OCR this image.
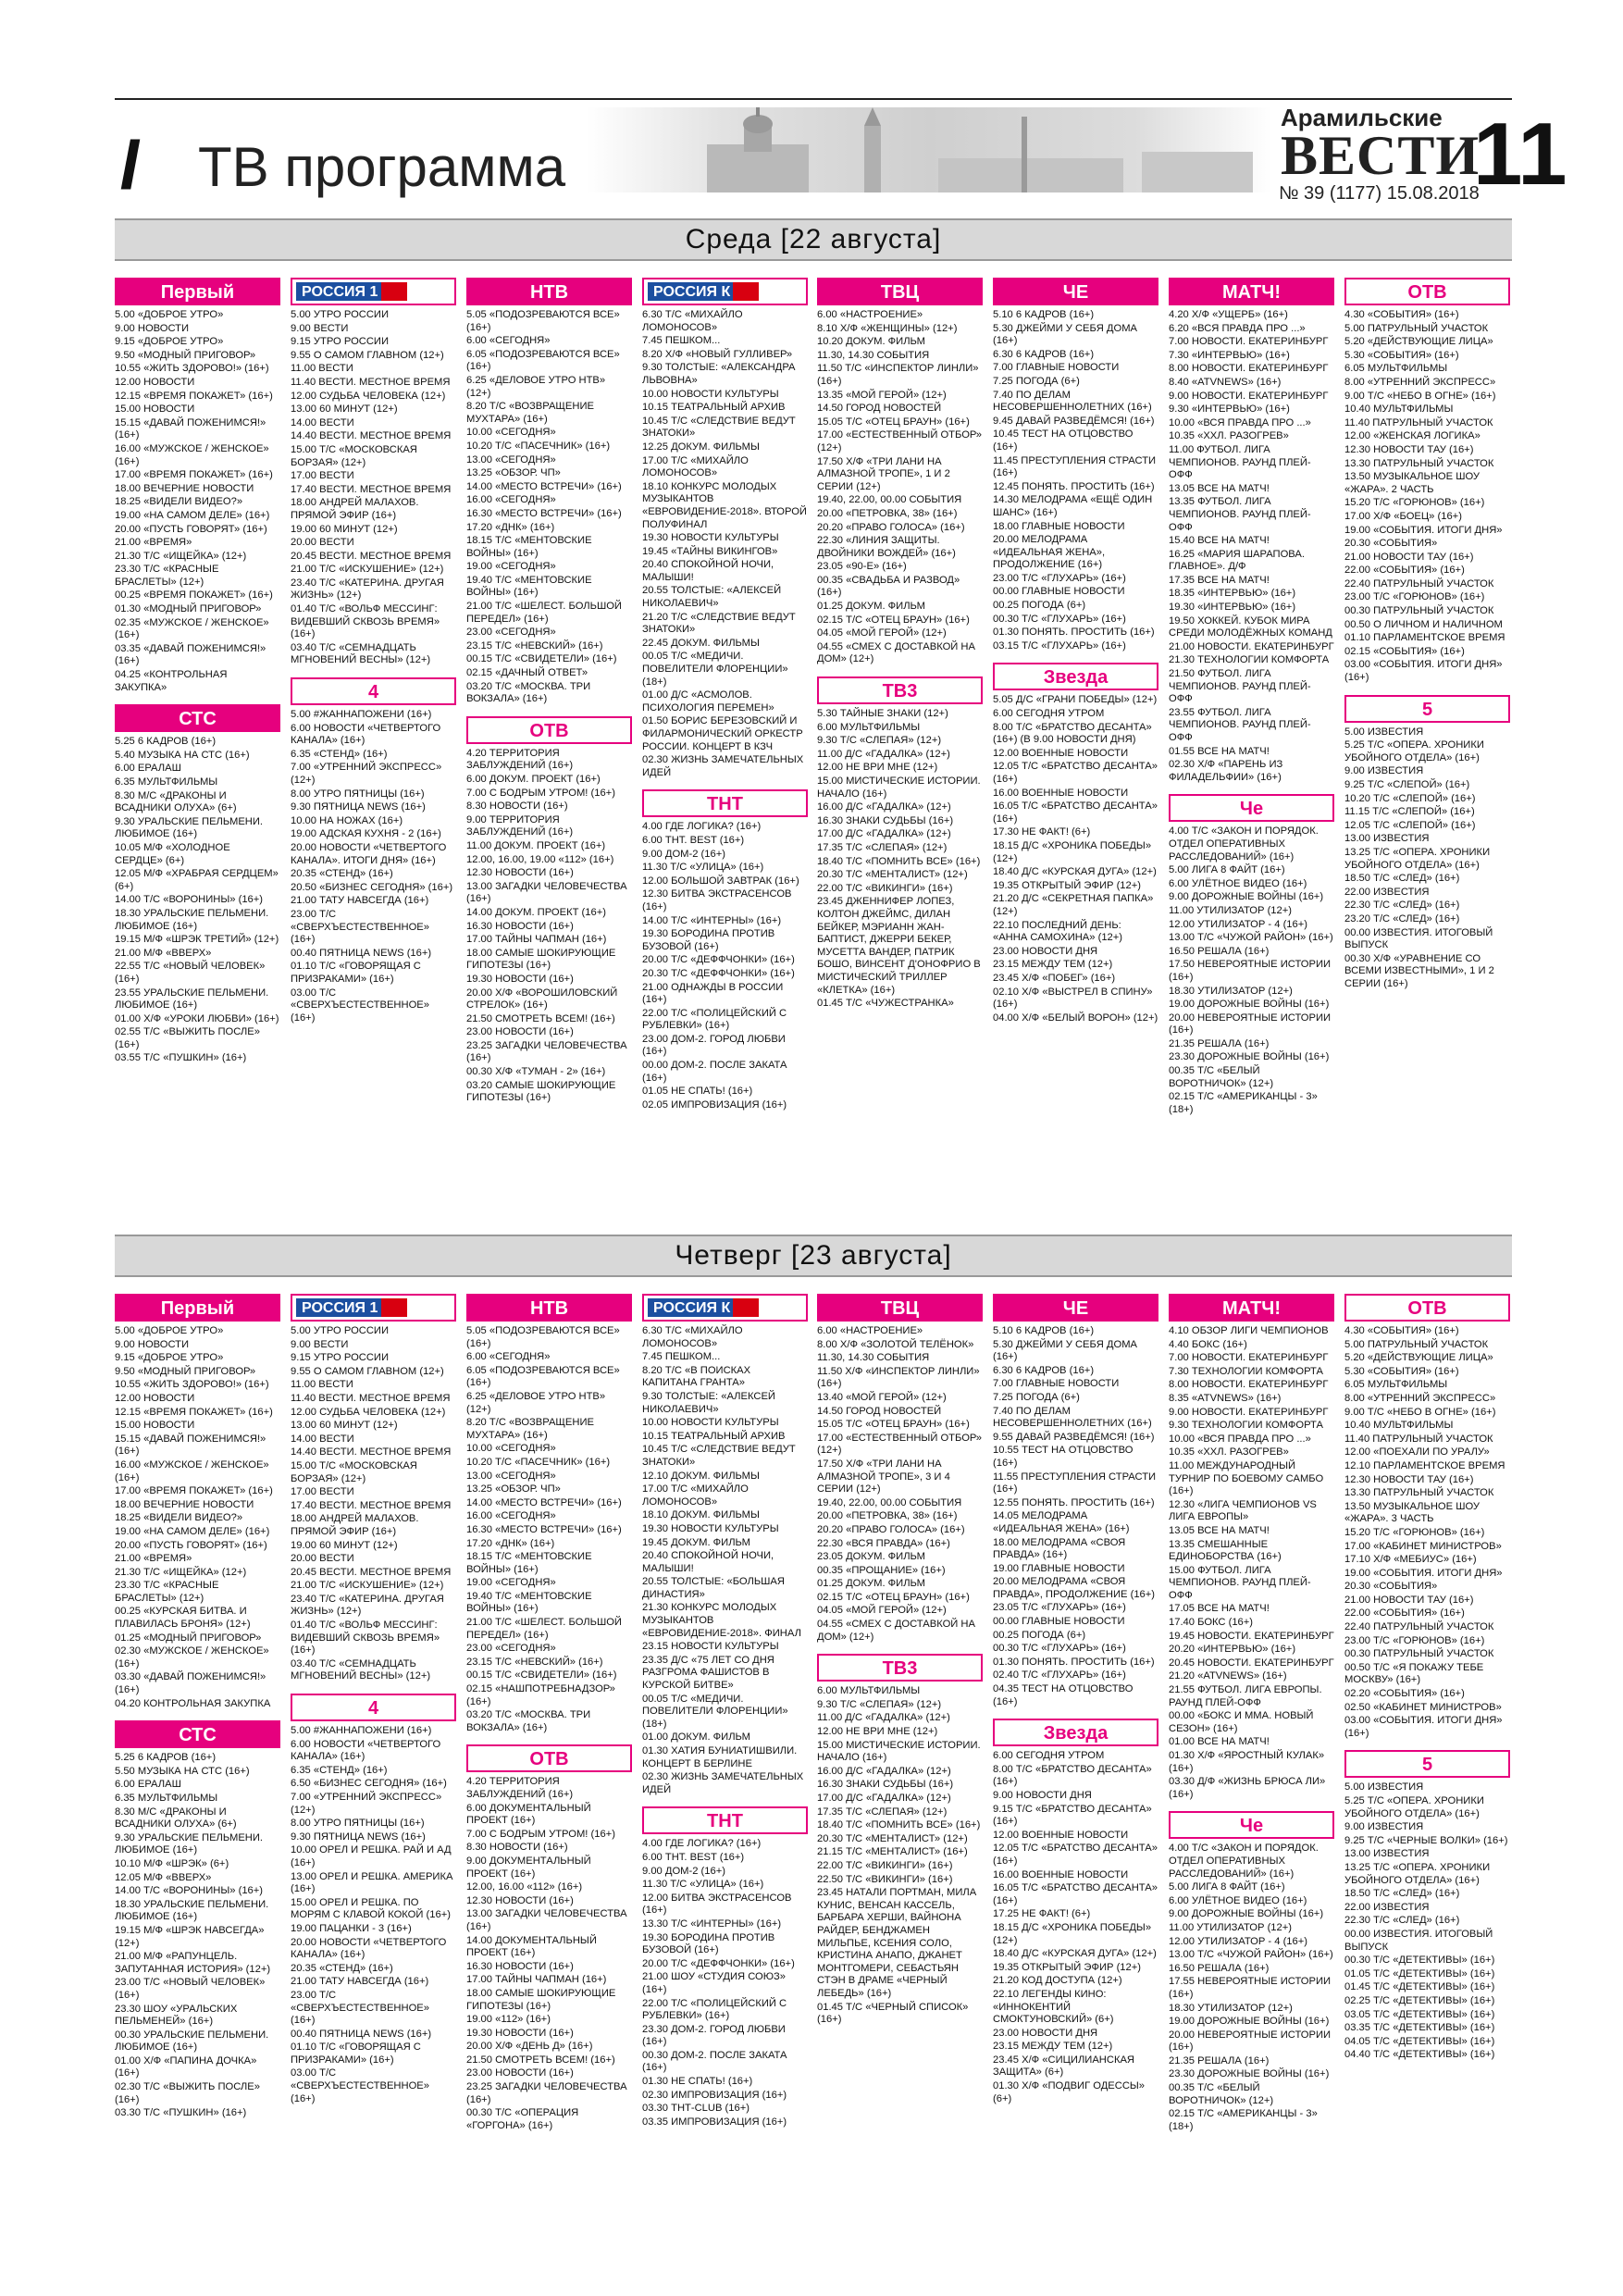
// ТВ программа
Арамильские
ВЕСТИ
11
№ 39 (1177) 15.08.2018
Среда [22 августа]
Первый
5.00 «ДОБРОЕ УТРО»
9.00 НОВОСТИ
9.15 «ДОБРОЕ УТРО»
9.50 «МОДНЫЙ ПРИГОВОР»
10.55 «ЖИТЬ ЗДОРОВО!» (16+)
12.00 НОВОСТИ
12.15 «ВРЕМЯ ПОКАЖЕТ» (16+)
15.00 НОВОСТИ
15.15 «ДАВАЙ ПОЖЕНИМСЯ!» (16+)
16.00 «МУЖСКОЕ / ЖЕНСКОЕ» (16+)
17.00 «ВРЕМЯ ПОКАЖЕТ» (16+)
18.00 ВЕЧЕРНИЕ НОВОСТИ
18.25 «ВИДЕЛИ ВИДЕО?»
19.00 «НА САМОМ ДЕЛЕ» (16+)
20.00 «ПУСТЬ ГОВОРЯТ» (16+)
21.00 «ВРЕМЯ»
21.30 Т/С «ИЩЕЙКА» (12+)
23.30 Т/С «КРАСНЫЕ БРАСЛЕТЫ» (12+)
00.25 «ВРЕМЯ ПОКАЖЕТ» (16+)
01.30 «МОДНЫЙ ПРИГОВОР»
02.35 «МУЖСКОЕ / ЖЕНСКОЕ» (16+)
03.35 «ДАВАЙ ПОЖЕНИМСЯ!» (16+)
04.25 «КОНТРОЛЬНАЯ ЗАКУПКА»
СТС
5.25 6 КАДРОВ (16+)
5.40 МУЗЫКА НА СТС (16+)
6.00 ЕРАЛАШ
6.35 МУЛЬТФИЛЬМЫ
8.30 М/С «ДРАКОНЫ И ВСАДНИКИ ОЛУХА» (6+)
9.30 УРАЛЬСКИЕ ПЕЛЬМЕНИ. ЛЮБИМОЕ (16+)
10.05 М/Ф «ХОЛОДНОЕ СЕРДЦЕ» (6+)
12.05 М/Ф «ХРАБРАЯ СЕРДЦЕМ» (6+)
14.00 Т/С «ВОРОНИНЫ» (16+)
18.30 УРАЛЬСКИЕ ПЕЛЬМЕНИ. ЛЮБИМОЕ (16+)
19.15 М/Ф «ШРЭК ТРЕТИЙ» (12+)
21.00 М/Ф «ВВЕРХ»
22.55 Т/С «НОВЫЙ ЧЕЛОВЕК» (16+)
23.55 УРАЛЬСКИЕ ПЕЛЬМЕНИ. ЛЮБИМОЕ (16+)
01.00 Х/Ф «УРОКИ ЛЮБВИ» (16+)
02.55 Т/С «ВЫЖИТЬ ПОСЛЕ» (16+)
03.55 Т/С «ПУШКИН» (16+)
РОССИЯ 1
5.00 УТРО РОССИИ
9.00 ВЕСТИ
9.15 УТРО РОССИИ
9.55 О САМОМ ГЛАВНОМ (12+)
11.00 ВЕСТИ
11.40 ВЕСТИ. МЕСТНОЕ ВРЕМЯ
12.00 СУДЬБА ЧЕЛОВЕКА (12+)
13.00 60 МИНУТ (12+)
14.00 ВЕСТИ
14.40 ВЕСТИ. МЕСТНОЕ ВРЕМЯ
15.00 Т/С «МОСКОВСКАЯ БОРЗАЯ» (12+)
17.00 ВЕСТИ
17.40 ВЕСТИ. МЕСТНОЕ ВРЕМЯ
18.00 АНДРЕЙ МАЛАХОВ. ПРЯМОЙ ЭФИР (16+)
19.00 60 МИНУТ (12+)
20.00 ВЕСТИ
20.45 ВЕСТИ. МЕСТНОЕ ВРЕМЯ
21.00 Т/С «ИСКУШЕНИЕ» (12+)
23.40 Т/С «КАТЕРИНА. ДРУГАЯ ЖИЗНЬ» (12+)
01.40 Т/С «ВОЛЬФ МЕССИНГ: ВИДЕВШИЙ СКВОЗЬ ВРЕМЯ» (16+)
03.40 Т/С «СЕМНАДЦАТЬ МГНОВЕНИЙ ВЕСНЫ» (12+)
4
5.00 #ЖАННАПОЖЕНИ (16+)
6.00 НОВОСТИ «ЧЕТВЕРТОГО КАНАЛА» (16+)
6.35 «СТЕНД» (16+)
7.00 «УТРЕННИЙ ЭКСПРЕСС» (12+)
8.00 УТРО ПЯТНИЦЫ (16+)
9.30 ПЯТНИЦА NEWS (16+)
10.00 НА НОЖАХ (16+)
19.00 АДСКАЯ КУХНЯ - 2 (16+)
20.00 НОВОСТИ «ЧЕТВЕРТОГО КАНАЛА». ИТОГИ ДНЯ» (16+)
20.35 «СТЕНД» (16+)
20.50 «БИЗНЕС СЕГОДНЯ» (16+)
21.00 ТАТУ НАВСЕГДА (16+)
23.00 Т/С «СВЕРХЪЕСТЕСТВЕННОЕ» (16+)
00.40 ПЯТНИЦА NEWS (16+)
01.10 Т/С «ГОВОРЯЩАЯ С ПРИЗРАКАМИ» (16+)
03.00 Т/С «СВЕРХЪЕСТЕСТВЕННОЕ» (16+)
НТВ
5.05 «ПОДОЗРЕВАЮТСЯ ВСЕ» (16+)
6.00 «СЕГОДНЯ»
6.05 «ПОДОЗРЕВАЮТСЯ ВСЕ» (16+)
6.25 «ДЕЛОВОЕ УТРО НТВ» (12+)
8.20 Т/С «ВОЗВРАЩЕНИЕ МУХТАРА» (16+)
10.00 «СЕГОДНЯ»
10.20 Т/С «ПАСЕЧНИК» (16+)
13.00 «СЕГОДНЯ»
13.25 «ОБЗОР. ЧП»
14.00 «МЕСТО ВСТРЕЧИ» (16+)
16.00 «СЕГОДНЯ»
16.30 «МЕСТО ВСТРЕЧИ» (16+)
17.20 «ДНК» (16+)
18.15 Т/С «МЕНТОВСКИЕ ВОЙНЫ» (16+)
19.00 «СЕГОДНЯ»
19.40 Т/С «МЕНТОВСКИЕ ВОЙНЫ» (16+)
21.00 Т/С «ШЕЛЕСТ. БОЛЬШОЙ ПЕРЕДЕЛ» (16+)
23.00 «СЕГОДНЯ»
23.15 Т/С «НЕВСКИЙ» (16+)
00.15 Т/С «СВИДЕТЕЛИ» (16+)
02.15 «ДАЧНЫЙ ОТВЕТ»
03.20 Т/С «МОСКВА. ТРИ ВОКЗАЛА» (16+)
ОТВ
4.20 ТЕРРИТОРИЯ ЗАБЛУЖДЕНИЙ (16+)
6.00 ДОКУМ. ПРОЕКТ (16+)
7.00 С БОДРЫМ УТРОМ! (16+)
8.30 НОВОСТИ (16+)
9.00 ТЕРРИТОРИЯ ЗАБЛУЖДЕНИЙ (16+)
11.00 ДОКУМ. ПРОЕКТ (16+)
12.00, 16.00, 19.00 «112» (16+)
12.30 НОВОСТИ (16+)
13.00 ЗАГАДКИ ЧЕЛОВЕЧЕСТВА (16+)
14.00 ДОКУМ. ПРОЕКТ (16+)
16.30 НОВОСТИ (16+)
17.00 ТАЙНЫ ЧАПМАН (16+)
18.00 САМЫЕ ШОКИРУЮЩИЕ ГИПОТЕЗЫ (16+)
19.30 НОВОСТИ (16+)
20.00 Х/Ф «ВОРОШИЛОВСКИЙ СТРЕЛОК» (16+)
21.50 СМОТРЕТЬ ВСЕМ! (16+)
23.00 НОВОСТИ (16+)
23.25 ЗАГАДКИ ЧЕЛОВЕЧЕСТВА (16+)
00.30 Х/Ф «ТУМАН - 2» (16+)
03.20 САМЫЕ ШОКИРУЮЩИЕ ГИПОТЕЗЫ (16+)
РОССИЯ К
6.30 Т/С «МИХАЙЛО ЛОМОНОСОВ»
7.45 ПЕШКОМ...
8.20 Х/Ф «НОВЫЙ ГУЛЛИВЕР»
9.30 ТОЛСТЫЕ: «АЛЕКСАНДРА ЛЬВОВНА»
10.00 НОВОСТИ КУЛЬТУРЫ
10.15 ТЕАТРАЛЬНЫЙ АРХИВ
10.45 Т/С «СЛЕДСТВИЕ ВЕДУТ ЗНАТОКИ»
12.25 ДОКУМ. ФИЛЬМЫ
17.00 Т/С «МИХАЙЛО ЛОМОНОСОВ»
18.10 КОНКУРС МОЛОДЫХ МУЗЫКАНТОВ «ЕВРОВИДЕНИЕ-2018». ВТОРОЙ ПОЛУФИНАЛ
19.30 НОВОСТИ КУЛЬТУРЫ
19.45 «ТАЙНЫ ВИКИНГОВ»
20.40 СПОКОЙНОЙ НОЧИ, МАЛЫШИ!
20.55 ТОЛСТЫЕ: «АЛЕКСЕЙ НИКОЛАЕВИЧ»
21.20 Т/С «СЛЕДСТВИЕ ВЕДУТ ЗНАТОКИ»
22.45 ДОКУМ. ФИЛЬМЫ
00.05 Т/С «МЕДИЧИ. ПОВЕЛИТЕЛИ ФЛОРЕНЦИИ» (18+)
01.00 Д/С «АСМОЛОВ. ПСИХОЛОГИЯ ПЕРЕМЕН»
01.50 БОРИС БЕРЕЗОВСКИЙ И ФИЛАРМОНИЧЕСКИЙ ОРКЕСТР РОССИИ. КОНЦЕРТ В КЗЧ
02.30 ЖИЗНЬ ЗАМЕЧАТЕЛЬНЫХ ИДЕЙ
ТНТ
4.00 ГДЕ ЛОГИКА? (16+)
6.00 ТНТ. BEST (16+)
9.00 ДОМ-2 (16+)
11.30 Т/С «УЛИЦА» (16+)
12.00 БОЛЬШОЙ ЗАВТРАК (16+)
12.30 БИТВА ЭКСТРАСЕНСОВ (16+)
14.00 Т/С «ИНТЕРНЫ» (16+)
19.30 БОРОДИНА ПРОТИВ БУЗОВОЙ (16+)
20.00 Т/С «ДЕФФЧОНКИ» (16+)
20.30 Т/С «ДЕФФЧОНКИ» (16+)
21.00 ОДНАЖДЫ В РОССИИ (16+)
22.00 Т/С «ПОЛИЦЕЙСКИЙ С РУБЛЕВКИ» (16+)
23.00 ДОМ-2. ГОРОД ЛЮБВИ (16+)
00.00 ДОМ-2. ПОСЛЕ ЗАКАТА (16+)
01.05 НЕ СПАТЬ! (16+)
02.05 ИМПРОВИЗАЦИЯ (16+)
ТВЦ
6.00 «НАСТРОЕНИЕ»
8.10 Х/Ф «ЖЕНЩИНЫ» (12+)
10.20 ДОКУМ. ФИЛЬМ
11.30, 14.30 СОБЫТИЯ
11.50 Т/С «ИНСПЕКТОР ЛИНЛИ» (16+)
13.35 «МОЙ ГЕРОЙ» (12+)
14.50 ГОРОД НОВОСТЕЙ
15.05 Т/С «ОТЕЦ БРАУН» (16+)
17.00 «ЕСТЕСТВЕННЫЙ ОТБОР» (12+)
17.50 Х/Ф «ТРИ ЛАНИ НА АЛМАЗНОЙ ТРОПЕ», 1 И 2 СЕРИИ (12+)
19.40, 22.00, 00.00 СОБЫТИЯ
20.00 «ПЕТРОВКА, 38» (16+)
20.20 «ПРАВО ГОЛОСА» (16+)
22.30 «ЛИНИЯ ЗАЩИТЫ. ДВОЙНИКИ ВОЖДЕЙ» (16+)
23.05 «90-Е» (16+)
00.35 «СВАДЬБА И РАЗВОД» (16+)
01.25 ДОКУМ. ФИЛЬМ
02.15 Т/С «ОТЕЦ БРАУН» (16+)
04.05 «МОЙ ГЕРОЙ» (12+)
04.55 «СМЕХ С ДОСТАВКОЙ НА ДОМ» (12+)
ТВ3
5.30 ТАЙНЫЕ ЗНАКИ (12+)
6.00 МУЛЬТФИЛЬМЫ
9.30 Т/С «СЛЕПАЯ» (12+)
11.00 Д/С «ГАДАЛКА» (12+)
12.00 НЕ ВРИ МНЕ (12+)
15.00 МИСТИЧЕСКИЕ ИСТОРИИ. НАЧАЛО (16+)
16.00 Д/С «ГАДАЛКА» (12+)
16.30 ЗНАКИ СУДЬБЫ (16+)
17.00 Д/С «ГАДАЛКА» (12+)
17.35 Т/С «СЛЕПАЯ» (12+)
18.40 Т/С «ПОМНИТЬ ВСЕ» (16+)
20.30 Т/С «МЕНТАЛИСТ» (12+)
22.00 Т/С «ВИКИНГИ» (16+)
23.45 ДЖЕННИФЕР ЛОПЕЗ, КОЛТОН ДЖЕЙМС, ДИЛАН БЕЙКЕР, МЭРИАНН ЖАН-БАПТИСТ, ДЖЕРРИ БЕКЕР, МУСЕТТА ВАНДЕР, ПАТРИК БОШО, ВИНСЕНТ Д'ОНОФРИО В МИСТИЧЕСКИЙ ТРИЛЛЕР «КЛЕТКА» (16+)
01.45 Т/С «ЧУЖЕСТРАНКА»
ЧЕ
5.10 6 КАДРОВ (16+)
5.30 ДЖЕЙМИ У СЕБЯ ДОМА (16+)
6.30 6 КАДРОВ (16+)
7.00 ГЛАВНЫЕ НОВОСТИ
7.25 ПОГОДА (6+)
7.40 ПО ДЕЛАМ НЕСОВЕРШЕННОЛЕТНИХ (16+)
9.45 ДАВАЙ РАЗВЕДЁМСЯ! (16+)
10.45 ТЕСТ НА ОТЦОВСТВО (16+)
11.45 ПРЕСТУПЛЕНИЯ СТРАСТИ (16+)
12.45 ПОНЯТЬ. ПРОСТИТЬ (16+)
14.30 МЕЛОДРАМА «ЕЩЁ ОДИН ШАНС» (16+)
18.00 ГЛАВНЫЕ НОВОСТИ
20.00 МЕЛОДРАМА «ИДЕАЛЬНАЯ ЖЕНА», ПРОДОЛЖЕНИЕ (16+)
23.00 Т/С «ГЛУХАРЬ» (16+)
00.00 ГЛАВНЫЕ НОВОСТИ
00.25 ПОГОДА (6+)
00.30 Т/С «ГЛУХАРЬ» (16+)
01.30 ПОНЯТЬ. ПРОСТИТЬ (16+)
03.15 Т/С «ГЛУХАРЬ» (16+)
Звезда
5.05 Д/С «ГРАНИ ПОБЕДЫ» (12+)
6.00 СЕГОДНЯ УТРОМ
8.00 Т/С «БРАТСТВО ДЕСАНТА» (16+) (В 9.00 НОВОСТИ ДНЯ)
12.00 ВОЕННЫЕ НОВОСТИ
12.05 Т/С «БРАТСТВО ДЕСАНТА» (16+)
16.00 ВОЕННЫЕ НОВОСТИ
16.05 Т/С «БРАТСТВО ДЕСАНТА» (16+)
17.30 НЕ ФАКТ! (6+)
18.15 Д/С «ХРОНИКА ПОБЕДЫ» (12+)
18.40 Д/С «КУРСКАЯ ДУГА» (12+)
19.35 ОТКРЫТЫЙ ЭФИР (12+)
21.20 Д/С «СЕКРЕТНАЯ ПАПКА» (12+)
22.10 ПОСЛЕДНИЙ ДЕНЬ: «АННА САМОХИНА» (12+)
23.00 НОВОСТИ ДНЯ
23.15 МЕЖДУ ТЕМ (12+)
23.45 Х/Ф «ПОБЕГ» (16+)
02.10 Х/Ф «ВЫСТРЕЛ В СПИНУ» (16+)
04.00 Х/Ф «БЕЛЫЙ ВОРОН» (12+)
МАТЧ!
4.20 Х/Ф «УЩЕРБ» (16+)
6.20 «ВСЯ ПРАВДА ПРО ...»
7.00 НОВОСТИ. ЕКАТЕРИНБУРГ
7.30 «ИНТЕРВЬЮ» (16+)
8.00 НОВОСТИ. ЕКАТЕРИНБУРГ
8.40 «ATVNEWS» (16+)
9.00 НОВОСТИ. ЕКАТЕРИНБУРГ
9.30 «ИНТЕРВЬЮ» (16+)
10.00 «ВСЯ ПРАВДА ПРО ...»
10.35 «ХХЛ. РАЗОГРЕВ»
11.00 ФУТБОЛ. ЛИГА ЧЕМПИОНОВ. РАУНД ПЛЕЙ-ОФФ
13.05 ВСЕ НА МАТЧ!
13.35 ФУТБОЛ. ЛИГА ЧЕМПИОНОВ. РАУНД ПЛЕЙ-ОФФ
15.40 ВСЕ НА МАТЧ!
16.25 «МАРИЯ ШАРАПОВА. ГЛАВНОЕ». Д/Ф
17.35 ВСЕ НА МАТЧ!
18.35 «ИНТЕРВЬЮ» (16+)
19.30 «ИНТЕРВЬЮ» (16+)
19.50 ХОККЕЙ. КУБОК МИРА СРЕДИ МОЛОДЁЖНЫХ КОМАНД
21.00 НОВОСТИ. ЕКАТЕРИНБУРГ
21.30 ТЕХНОЛОГИИ КОМФОРТА
21.50 ФУТБОЛ. ЛИГА ЧЕМПИОНОВ. РАУНД ПЛЕЙ-ОФФ
23.55 ФУТБОЛ. ЛИГА ЧЕМПИОНОВ. РАУНД ПЛЕЙ-ОФФ
01.55 ВСЕ НА МАТЧ!
02.30 Х/Ф «ПАРЕНЬ ИЗ ФИЛАДЕЛЬФИИ» (16+)
Че
4.00 Т/С «ЗАКОН И ПОРЯДОК. ОТДЕЛ ОПЕРАТИВНЫХ РАССЛЕДОВАНИЙ» (16+)
5.00 ЛИГА 8 ФАЙТ (16+)
6.00 УЛЁТНОЕ ВИДЕО (16+)
9.00 ДОРОЖНЫЕ ВОЙНЫ (16+)
11.00 УТИЛИЗАТОР (12+)
12.00 УТИЛИЗАТОР - 4 (16+)
13.00 Т/С «ЧУЖОЙ РАЙОН» (16+)
16.50 РЕШАЛА (16+)
17.50 НЕВЕРОЯТНЫЕ ИСТОРИИ (16+)
18.30 УТИЛИЗАТОР (12+)
19.00 ДОРОЖНЫЕ ВОЙНЫ (16+)
20.00 НЕВЕРОЯТНЫЕ ИСТОРИИ (16+)
21.35 РЕШАЛА (16+)
23.30 ДОРОЖНЫЕ ВОЙНЫ (16+)
00.35 Т/С «БЕЛЫЙ ВОРОТНИЧОК» (12+)
02.15 Т/С «АМЕРИКАНЦЫ - 3» (18+)
ОТВ
4.30 «СОБЫТИЯ» (16+)
5.00 ПАТРУЛЬНЫЙ УЧАСТОК
5.20 «ДЕЙСТВУЮЩИЕ ЛИЦА»
5.30 «СОБЫТИЯ» (16+)
6.05 МУЛЬТФИЛЬМЫ
8.00 «УТРЕННИЙ ЭКСПРЕСС»
9.00 Т/С «НЕБО В ОГНЕ» (16+)
10.40 МУЛЬТФИЛЬМЫ
11.40 ПАТРУЛЬНЫЙ УЧАСТОК
12.00 «ЖЕНСКАЯ ЛОГИКА»
12.30 НОВОСТИ ТАУ (16+)
13.30 ПАТРУЛЬНЫЙ УЧАСТОК
13.50 МУЗЫКАЛЬНОЕ ШОУ «ЖАРА». 2 ЧАСТЬ
15.20 Т/С «ГОРЮНОВ» (16+)
17.00 Х/Ф «БОЕЦ» (16+)
19.00 «СОБЫТИЯ. ИТОГИ ДНЯ»
20.30 «СОБЫТИЯ»
21.00 НОВОСТИ ТАУ (16+)
22.00 «СОБЫТИЯ» (16+)
22.40 ПАТРУЛЬНЫЙ УЧАСТОК
23.00 Т/С «ГОРЮНОВ» (16+)
00.30 ПАТРУЛЬНЫЙ УЧАСТОК
00.50 О ЛИЧНОМ И НАЛИЧНОМ
01.10 ПАРЛАМЕНТСКОЕ ВРЕМЯ
02.15 «СОБЫТИЯ» (16+)
03.00 «СОБЫТИЯ. ИТОГИ ДНЯ» (16+)
5
5.00 ИЗВЕСТИЯ
5.25 Т/С «ОПЕРА. ХРОНИКИ УБОЙНОГО ОТДЕЛА» (16+)
9.00 ИЗВЕСТИЯ
9.25 Т/С «СЛЕПОЙ» (16+)
10.20 Т/С «СЛЕПОЙ» (16+)
11.15 Т/С «СЛЕПОЙ» (16+)
12.05 Т/С «СЛЕПОЙ» (16+)
13.00 ИЗВЕСТИЯ
13.25 Т/С «ОПЕРА. ХРОНИКИ УБОЙНОГО ОТДЕЛА» (16+)
18.50 Т/С «СЛЕД» (16+)
22.00 ИЗВЕСТИЯ
22.30 Т/С «СЛЕД» (16+)
23.20 Т/С «СЛЕД» (16+)
00.00 ИЗВЕСТИЯ. ИТОГОВЫЙ ВЫПУСК
00.30 Х/Ф «УРАВНЕНИЕ СО ВСЕМИ ИЗВЕСТНЫМИ», 1 И 2 СЕРИИ (16+)
Четверг [23 августа]
Первый
5.00 «ДОБРОЕ УТРО»
9.00 НОВОСТИ
9.15 «ДОБРОЕ УТРО»
9.50 «МОДНЫЙ ПРИГОВОР»
10.55 «ЖИТЬ ЗДОРОВО!» (16+)
12.00 НОВОСТИ
12.15 «ВРЕМЯ ПОКАЖЕТ» (16+)
15.00 НОВОСТИ
15.15 «ДАВАЙ ПОЖЕНИМСЯ!» (16+)
16.00 «МУЖСКОЕ / ЖЕНСКОЕ» (16+)
17.00 «ВРЕМЯ ПОКАЖЕТ» (16+)
18.00 ВЕЧЕРНИЕ НОВОСТИ
18.25 «ВИДЕЛИ ВИДЕО?»
19.00 «НА САМОМ ДЕЛЕ» (16+)
20.00 «ПУСТЬ ГОВОРЯТ» (16+)
21.00 «ВРЕМЯ»
21.30 Т/С «ИЩЕЙКА» (12+)
23.30 Т/С «КРАСНЫЕ БРАСЛЕТЫ» (12+)
00.25 «КУРСКАЯ БИТВА. И ПЛАВИЛАСЬ БРОНЯ» (12+)
01.25 «МОДНЫЙ ПРИГОВОР»
02.30 «МУЖСКОЕ / ЖЕНСКОЕ» (16+)
03.30 «ДАВАЙ ПОЖЕНИМСЯ!» (16+)
04.20 КОНТРОЛЬНАЯ ЗАКУПКА
СТС
5.25 6 КАДРОВ (16+)
5.50 МУЗЫКА НА СТС (16+)
6.00 ЕРАЛАШ
6.35 МУЛЬТФИЛЬМЫ
8.30 М/С «ДРАКОНЫ И ВСАДНИКИ ОЛУХА» (6+)
9.30 УРАЛЬСКИЕ ПЕЛЬМЕНИ. ЛЮБИМОЕ (16+)
10.10 М/Ф «ШРЭК» (6+)
12.05 М/Ф «ВВЕРХ»
14.00 Т/С «ВОРОНИНЫ» (16+)
18.30 УРАЛЬСКИЕ ПЕЛЬМЕНИ. ЛЮБИМОЕ (16+)
19.15 М/Ф «ШРЭК НАВСЕГДА» (12+)
21.00 М/Ф «РАПУНЦЕЛЬ. ЗАПУТАННАЯ ИСТОРИЯ» (12+)
23.00 Т/С «НОВЫЙ ЧЕЛОВЕК» (16+)
23.30 ШОУ «УРАЛЬСКИХ ПЕЛЬМЕНЕЙ» (16+)
00.30 УРАЛЬСКИЕ ПЕЛЬМЕНИ. ЛЮБИМОЕ (16+)
01.00 Х/Ф «ПАПИНА ДОЧКА» (16+)
02.30 Т/С «ВЫЖИТЬ ПОСЛЕ» (16+)
03.30 Т/С «ПУШКИН» (16+)
РОССИЯ 1
5.00 УТРО РОССИИ
9.00 ВЕСТИ
9.15 УТРО РОССИИ
9.55 О САМОМ ГЛАВНОМ (12+)
11.00 ВЕСТИ
11.40 ВЕСТИ. МЕСТНОЕ ВРЕМЯ
12.00 СУДЬБА ЧЕЛОВЕКА (12+)
13.00 60 МИНУТ (12+)
14.00 ВЕСТИ
14.40 ВЕСТИ. МЕСТНОЕ ВРЕМЯ
15.00 Т/С «МОСКОВСКАЯ БОРЗАЯ» (12+)
17.00 ВЕСТИ
17.40 ВЕСТИ. МЕСТНОЕ ВРЕМЯ
18.00 АНДРЕЙ МАЛАХОВ. ПРЯМОЙ ЭФИР (16+)
19.00 60 МИНУТ (12+)
20.00 ВЕСТИ
20.45 ВЕСТИ. МЕСТНОЕ ВРЕМЯ
21.00 Т/С «ИСКУШЕНИЕ» (12+)
23.40 Т/С «КАТЕРИНА. ДРУГАЯ ЖИЗНЬ» (12+)
01.40 Т/С «ВОЛЬФ МЕССИНГ: ВИДЕВШИЙ СКВОЗЬ ВРЕМЯ» (16+)
03.40 Т/С «СЕМНАДЦАТЬ МГНОВЕНИЙ ВЕСНЫ» (12+)
4
5.00 #ЖАННАПОЖЕНИ (16+)
6.00 НОВОСТИ «ЧЕТВЕРТОГО КАНАЛА» (16+)
6.35 «СТЕНД» (16+)
6.50 «БИЗНЕС СЕГОДНЯ» (16+)
7.00 «УТРЕННИЙ ЭКСПРЕСС» (12+)
8.00 УТРО ПЯТНИЦЫ (16+)
9.30 ПЯТНИЦА NEWS (16+)
10.00 ОРЕЛ И РЕШКА. РАЙ И АД (16+)
13.00 ОРЕЛ И РЕШКА. АМЕРИКА (16+)
15.00 ОРЕЛ И РЕШКА. ПО МОРЯМ С КЛАВОЙ КОКОЙ (16+)
19.00 ПАЦАНКИ - 3 (16+)
20.00 НОВОСТИ «ЧЕТВЕРТОГО КАНАЛА» (16+)
20.35 «СТЕНД» (16+)
21.00 ТАТУ НАВСЕГДА (16+)
23.00 Т/С «СВЕРХЪЕСТЕСТВЕННОЕ» (16+)
00.40 ПЯТНИЦА NEWS (16+)
01.10 Т/С «ГОВОРЯЩАЯ С ПРИЗРАКАМИ» (16+)
03.00 Т/С «СВЕРХЪЕСТЕСТВЕННОЕ» (16+)
НТВ
5.05 «ПОДОЗРЕВАЮТСЯ ВСЕ» (16+)
6.00 «СЕГОДНЯ»
6.05 «ПОДОЗРЕВАЮТСЯ ВСЕ» (16+)
6.25 «ДЕЛОВОЕ УТРО НТВ» (12+)
8.20 Т/С «ВОЗВРАЩЕНИЕ МУХТАРА» (16+)
10.00 «СЕГОДНЯ»
10.20 Т/С «ПАСЕЧНИК» (16+)
13.00 «СЕГОДНЯ»
13.25 «ОБЗОР. ЧП»
14.00 «МЕСТО ВСТРЕЧИ» (16+)
16.00 «СЕГОДНЯ»
16.30 «МЕСТО ВСТРЕЧИ» (16+)
17.20 «ДНК» (16+)
18.15 Т/С «МЕНТОВСКИЕ ВОЙНЫ» (16+)
19.00 «СЕГОДНЯ»
19.40 Т/С «МЕНТОВСКИЕ ВОЙНЫ» (16+)
21.00 Т/С «ШЕЛЕСТ. БОЛЬШОЙ ПЕРЕДЕЛ» (16+)
23.00 «СЕГОДНЯ»
23.15 Т/С «НЕВСКИЙ» (16+)
00.15 Т/С «СВИДЕТЕЛИ» (16+)
02.15 «НАШПОТРЕБНАДЗОР» (16+)
03.20 Т/С «МОСКВА. ТРИ ВОКЗАЛА» (16+)
ОТВ
4.20 ТЕРРИТОРИЯ ЗАБЛУЖДЕНИЙ (16+)
6.00 ДОКУМЕНТАЛЬНЫЙ ПРОЕКТ (16+)
7.00 С БОДРЫМ УТРОМ! (16+)
8.30 НОВОСТИ (16+)
9.00 ДОКУМЕНТАЛЬНЫЙ ПРОЕКТ (16+)
12.00, 16.00 «112» (16+)
12.30 НОВОСТИ (16+)
13.00 ЗАГАДКИ ЧЕЛОВЕЧЕСТВА (16+)
14.00 ДОКУМЕНТАЛЬНЫЙ ПРОЕКТ (16+)
16.30 НОВОСТИ (16+)
17.00 ТАЙНЫ ЧАПМАН (16+)
18.00 САМЫЕ ШОКИРУЮЩИЕ ГИПОТЕЗЫ (16+)
19.00 «112» (16+)
19.30 НОВОСТИ (16+)
20.00 Х/Ф «ДЕНЬ Д» (16+)
21.50 СМОТРЕТЬ ВСЕМ! (16+)
23.00 НОВОСТИ (16+)
23.25 ЗАГАДКИ ЧЕЛОВЕЧЕСТВА (16+)
00.30 Т/С «ОПЕРАЦИЯ «ГОРГОНА» (16+)
РОССИЯ К
6.30 Т/С «МИХАЙЛО ЛОМОНОСОВ»
7.45 ПЕШКОМ...
8.20 Т/С «В ПОИСКАХ КАПИТАНА ГРАНТА»
9.30 ТОЛСТЫЕ: «АЛЕКСЕЙ НИКОЛАЕВИЧ»
10.00 НОВОСТИ КУЛЬТУРЫ
10.15 ТЕАТРАЛЬНЫЙ АРХИВ
10.45 Т/С «СЛЕДСТВИЕ ВЕДУТ ЗНАТОКИ»
12.10 ДОКУМ. ФИЛЬМЫ
17.00 Т/С «МИХАЙЛО ЛОМОНОСОВ»
18.10 ДОКУМ. ФИЛЬМЫ
19.30 НОВОСТИ КУЛЬТУРЫ
19.45 ДОКУМ. ФИЛЬМ
20.40 СПОКОЙНОЙ НОЧИ, МАЛЫШИ!
20.55 ТОЛСТЫЕ: «БОЛЬШАЯ ДИНАСТИЯ»
21.30 КОНКУРС МОЛОДЫХ МУЗЫКАНТОВ «ЕВРОВИДЕНИЕ-2018». ФИНАЛ
23.15 НОВОСТИ КУЛЬТУРЫ
23.35 Д/С «75 ЛЕТ СО ДНЯ РАЗГРОМА ФАШИСТОВ В КУРСКОЙ БИТВЕ»
00.05 Т/С «МЕДИЧИ. ПОВЕЛИТЕЛИ ФЛОРЕНЦИИ» (18+)
01.00 ДОКУМ. ФИЛЬМ
01.30 ХАТИЯ БУНИАТИШВИЛИ. КОНЦЕРТ В БЕРЛИНЕ
02.30 ЖИЗНЬ ЗАМЕЧАТЕЛЬНЫХ ИДЕЙ
ТНТ
4.00 ГДЕ ЛОГИКА? (16+)
6.00 ТНТ. BEST (16+)
9.00 ДОМ-2 (16+)
11.30 Т/С «УЛИЦА» (16+)
12.00 БИТВА ЭКСТРАСЕНСОВ (16+)
13.30 Т/С «ИНТЕРНЫ» (16+)
19.30 БОРОДИНА ПРОТИВ БУЗОВОЙ (16+)
20.00 Т/С «ДЕФФЧОНКИ» (16+)
21.00 ШОУ «СТУДИЯ СОЮЗ» (16+)
22.00 Т/С «ПОЛИЦЕЙСКИЙ С РУБЛЕВКИ» (16+)
23.30 ДОМ-2. ГОРОД ЛЮБВИ (16+)
00.30 ДОМ-2. ПОСЛЕ ЗАКАТА (16+)
01.30 НЕ СПАТЬ! (16+)
02.30 ИМПРОВИЗАЦИЯ (16+)
03.30 ТНТ-CLUB (16+)
03.35 ИМПРОВИЗАЦИЯ (16+)
ТВЦ
6.00 «НАСТРОЕНИЕ»
8.00 Х/Ф «ЗОЛОТОЙ ТЕЛЁНОК»
11.30, 14.30 СОБЫТИЯ
11.50 Х/Ф «ИНСПЕКТОР ЛИНЛИ» (16+)
13.40 «МОЙ ГЕРОЙ» (12+)
14.50 ГОРОД НОВОСТЕЙ
15.05 Т/С «ОТЕЦ БРАУН» (16+)
17.00 «ЕСТЕСТВЕННЫЙ ОТБОР» (12+)
17.50 Х/Ф «ТРИ ЛАНИ НА АЛМАЗНОЙ ТРОПЕ», 3 И 4 СЕРИИ (12+)
19.40, 22.00, 00.00 СОБЫТИЯ
20.00 «ПЕТРОВКА, 38» (16+)
20.20 «ПРАВО ГОЛОСА» (16+)
22.30 «ВСЯ ПРАВДА» (16+)
23.05 ДОКУМ. ФИЛЬМ
00.35 «ПРОЩАНИЕ» (16+)
01.25 ДОКУМ. ФИЛЬМ
02.15 Т/С «ОТЕЦ БРАУН» (16+)
04.05 «МОЙ ГЕРОЙ» (12+)
04.55 «СМЕХ С ДОСТАВКОЙ НА ДОМ» (12+)
ТВ3
6.00 МУЛЬТФИЛЬМЫ
9.30 Т/С «СЛЕПАЯ» (12+)
11.00 Д/С «ГАДАЛКА» (12+)
12.00 НЕ ВРИ МНЕ (12+)
15.00 МИСТИЧЕСКИЕ ИСТОРИИ. НАЧАЛО (16+)
16.00 Д/С «ГАДАЛКА» (12+)
16.30 ЗНАКИ СУДЬБЫ (16+)
17.00 Д/С «ГАДАЛКА» (12+)
17.35 Т/С «СЛЕПАЯ» (12+)
18.40 Т/С «ПОМНИТЬ ВСЕ» (16+)
20.30 Т/С «МЕНТАЛИСТ» (12+)
21.15 Т/С «МЕНТАЛИСТ» (16+)
22.00 Т/С «ВИКИНГИ» (16+)
22.50 Т/С «ВИКИНГИ» (16+)
23.45 НАТАЛИ ПОРТМАН, МИЛА КУНИС, ВЕНСАН КАССЕЛЬ, БАРБАРА ХЕРШИ, ВАЙНОНА РАЙДЕР, БЕНДЖАМЕН МИЛЬПЬЕ, КСЕНИЯ СОЛО, КРИСТИНА АНАПО, ДЖАНЕТ МОНТГОМЕРИ, СЕБАСТЬЯН СТЭН В ДРАМЕ «ЧЕРНЫЙ ЛЕБЕДЬ» (16+)
01.45 Т/С «ЧЕРНЫЙ СПИСОК» (16+)
ЧЕ
5.10 6 КАДРОВ (16+)
5.30 ДЖЕЙМИ У СЕБЯ ДОМА (16+)
6.30 6 КАДРОВ (16+)
7.00 ГЛАВНЫЕ НОВОСТИ
7.25 ПОГОДА (6+)
7.40 ПО ДЕЛАМ НЕСОВЕРШЕННОЛЕТНИХ (16+)
9.55 ДАВАЙ РАЗВЕДЁМСЯ! (16+)
10.55 ТЕСТ НА ОТЦОВСТВО (16+)
11.55 ПРЕСТУПЛЕНИЯ СТРАСТИ (16+)
12.55 ПОНЯТЬ. ПРОСТИТЬ (16+)
14.05 МЕЛОДРАМА «ИДЕАЛЬНАЯ ЖЕНА» (16+)
18.00 МЕЛОДРАМА «СВОЯ ПРАВДА» (16+)
19.00 ГЛАВНЫЕ НОВОСТИ
20.00 МЕЛОДРАМА «СВОЯ ПРАВДА», ПРОДОЛЖЕНИЕ (16+)
23.05 Т/С «ГЛУХАРЬ» (16+)
00.00 ГЛАВНЫЕ НОВОСТИ
00.25 ПОГОДА (6+)
00.30 Т/С «ГЛУХАРЬ» (16+)
01.30 ПОНЯТЬ. ПРОСТИТЬ (16+)
02.40 Т/С «ГЛУХАРЬ» (16+)
04.35 ТЕСТ НА ОТЦОВСТВО (16+)
Звезда
6.00 СЕГОДНЯ УТРОМ
8.00 Т/С «БРАТСТВО ДЕСАНТА» (16+)
9.00 НОВОСТИ ДНЯ
9.15 Т/С «БРАТСТВО ДЕСАНТА» (16+)
12.00 ВОЕННЫЕ НОВОСТИ
12.05 Т/С «БРАТСТВО ДЕСАНТА» (16+)
16.00 ВОЕННЫЕ НОВОСТИ
16.05 Т/С «БРАТСТВО ДЕСАНТА» (16+)
17.25 НЕ ФАКТ! (6+)
18.15 Д/С «ХРОНИКА ПОБЕДЫ» (12+)
18.40 Д/С «КУРСКАЯ ДУГА» (12+)
19.35 ОТКРЫТЫЙ ЭФИР (12+)
21.20 КОД ДОСТУПА (12+)
22.10 ЛЕГЕНДЫ КИНО: «ИННОКЕНТИЙ СМОКТУНОВСКИЙ» (6+)
23.00 НОВОСТИ ДНЯ
23.15 МЕЖДУ ТЕМ (12+)
23.45 Х/Ф «СИЦИЛИАНСКАЯ ЗАЩИТА» (6+)
01.30 Х/Ф «ПОДВИГ ОДЕССЫ» (6+)
МАТЧ!
4.10 ОБЗОР ЛИГИ ЧЕМПИОНОВ
4.40 БОКС (16+)
7.00 НОВОСТИ. ЕКАТЕРИНБУРГ
7.30 ТЕХНОЛОГИИ КОМФОРТА
8.00 НОВОСТИ. ЕКАТЕРИНБУРГ
8.35 «ATVNEWS» (16+)
9.00 НОВОСТИ. ЕКАТЕРИНБУРГ
9.30 ТЕХНОЛОГИИ КОМФОРТА
10.00 «ВСЯ ПРАВДА ПРО ...»
10.35 «ХХЛ. РАЗОГРЕВ»
11.00 МЕЖДУНАРОДНЫЙ ТУРНИР ПО БОЕВОМУ САМБО (16+)
12.30 «ЛИГА ЧЕМПИОНОВ VS ЛИГА ЕВРОПЫ»
13.05 ВСЕ НА МАТЧ!
13.35 СМЕШАННЫЕ ЕДИНОБОРСТВА (16+)
15.00 ФУТБОЛ. ЛИГА ЧЕМПИОНОВ. РАУНД ПЛЕЙ-ОФФ
17.05 ВСЕ НА МАТЧ!
17.40 БОКС (16+)
19.45 НОВОСТИ. ЕКАТЕРИНБУРГ
20.20 «ИНТЕРВЬЮ» (16+)
20.45 НОВОСТИ. ЕКАТЕРИНБУРГ
21.20 «ATVNEWS» (16+)
21.55 ФУТБОЛ. ЛИГА ЕВРОПЫ. РАУНД ПЛЕЙ-ОФФ
00.00 «БОКС И ММА. НОВЫЙ СЕЗОН» (16+)
01.00 ВСЕ НА МАТЧ!
01.30 Х/Ф «ЯРОСТНЫЙ КУЛАК» (16+)
03.30 Д/Ф «ЖИЗНЬ БРЮСА ЛИ» (16+)
Че
4.00 Т/С «ЗАКОН И ПОРЯДОК. ОТДЕЛ ОПЕРАТИВНЫХ РАССЛЕДОВАНИЙ» (16+)
5.00 ЛИГА 8 ФАЙТ (16+)
6.00 УЛЁТНОЕ ВИДЕО (16+)
9.00 ДОРОЖНЫЕ ВОЙНЫ (16+)
11.00 УТИЛИЗАТОР (12+)
12.00 УТИЛИЗАТОР - 4 (16+)
13.00 Т/С «ЧУЖОЙ РАЙОН» (16+)
16.50 РЕШАЛА (16+)
17.55 НЕВЕРОЯТНЫЕ ИСТОРИИ (16+)
18.30 УТИЛИЗАТОР (12+)
19.00 ДОРОЖНЫЕ ВОЙНЫ (16+)
20.00 НЕВЕРОЯТНЫЕ ИСТОРИИ (16+)
21.35 РЕШАЛА (16+)
23.30 ДОРОЖНЫЕ ВОЙНЫ (16+)
00.35 Т/С «БЕЛЫЙ ВОРОТНИЧОК» (12+)
02.15 Т/С «АМЕРИКАНЦЫ - 3» (18+)
ОТВ
4.30 «СОБЫТИЯ» (16+)
5.00 ПАТРУЛЬНЫЙ УЧАСТОК
5.20 «ДЕЙСТВУЮЩИЕ ЛИЦА»
5.30 «СОБЫТИЯ» (16+)
6.05 МУЛЬТФИЛЬМЫ
8.00 «УТРЕННИЙ ЭКСПРЕСС»
9.00 Т/С «НЕБО В ОГНЕ» (16+)
10.40 МУЛЬТФИЛЬМЫ
11.40 ПАТРУЛЬНЫЙ УЧАСТОК
12.00 «ПОЕХАЛИ ПО УРАЛУ»
12.10 ПАРЛАМЕНТСКОЕ ВРЕМЯ
12.30 НОВОСТИ ТАУ (16+)
13.30 ПАТРУЛЬНЫЙ УЧАСТОК
13.50 МУЗЫКАЛЬНОЕ ШОУ «ЖАРА». 3 ЧАСТЬ
15.20 Т/С «ГОРЮНОВ» (16+)
17.00 «КАБИНЕТ МИНИСТРОВ»
17.10 Х/Ф «МЕБИУС» (16+)
19.00 «СОБЫТИЯ. ИТОГИ ДНЯ»
20.30 «СОБЫТИЯ»
21.00 НОВОСТИ ТАУ (16+)
22.00 «СОБЫТИЯ» (16+)
22.40 ПАТРУЛЬНЫЙ УЧАСТОК
23.00 Т/С «ГОРЮНОВ» (16+)
00.30 ПАТРУЛЬНЫЙ УЧАСТОК
00.50 Т/С «Я ПОКАЖУ ТЕБЕ МОСКВУ» (16+)
02.20 «СОБЫТИЯ» (16+)
02.50 «КАБИНЕТ МИНИСТРОВ»
03.00 «СОБЫТИЯ. ИТОГИ ДНЯ» (16+)
5
5.00 ИЗВЕСТИЯ
5.25 Т/С «ОПЕРА. ХРОНИКИ УБОЙНОГО ОТДЕЛА» (16+)
9.00 ИЗВЕСТИЯ
9.25 Т/С «ЧЕРНЫЕ ВОЛКИ» (16+)
13.00 ИЗВЕСТИЯ
13.25 Т/С «ОПЕРА. ХРОНИКИ УБОЙНОГО ОТДЕЛА» (16+)
18.50 Т/С «СЛЕД» (16+)
22.00 ИЗВЕСТИЯ
22.30 Т/С «СЛЕД» (16+)
00.00 ИЗВЕСТИЯ. ИТОГОВЫЙ ВЫПУСК
00.30 Т/С «ДЕТЕКТИВЫ» (16+)
01.05 Т/С «ДЕТЕКТИВЫ» (16+)
01.45 Т/С «ДЕТЕКТИВЫ» (16+)
02.25 Т/С «ДЕТЕКТИВЫ» (16+)
03.05 Т/С «ДЕТЕКТИВЫ» (16+)
03.35 Т/С «ДЕТЕКТИВЫ» (16+)
04.05 Т/С «ДЕТЕКТИВЫ» (16+)
04.40 Т/С «ДЕТЕКТИВЫ» (16+)
